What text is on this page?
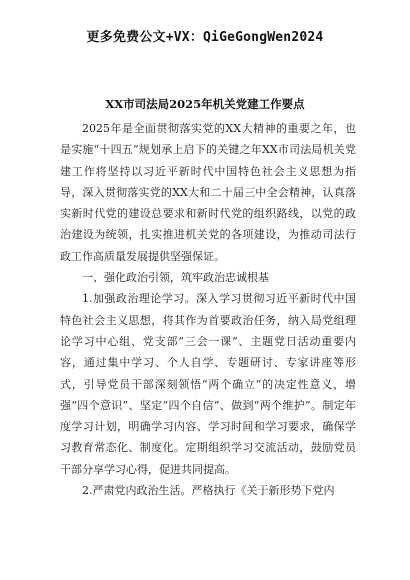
更多免费公文+VX：QiGeGongWen2024
XX市司法局2025年机关党建工作要点

2025年是全面贯彻落实党的XX大精神的重要之年，也是实施“十四五”规划承上启下的关键之年XX市司法局机关党建工作将坚持以习近平新时代中国特色社会主义思想为指导，深入贯彻落实党的XX大和二十届三中全会精神，认真落实新时代党的建设总要求和新时代党的组织路线，以党的政治建设为统领，扎实推进机关党的各项建设，为推动司法行政工作高质量发展提供坚强保证。

一、强化政治引领，筑牢政治忠诚根基

1.加强政治理论学习。深入学习贯彻习近平新时代中国特色社会主义思想，将其作为首要政治任务，纳入局党组理论学习中心组、党支部“三会一课”、主题党日活动重要内容，通过集中学习、个人自学、专题研讨、专家讲座等形式，引导党员干部深刻领悟“两个确立”的决定性意义，增强“四个意识”、坚定“四个自信”、做到“两个维护”。制定年度学习计划，明确学习内容、学习时间和学习要求，确保学习教育常态化、制度化。定期组织学习交流活动，鼓励党员干部分享学习心得，促进共同提高。

2.严肃党内政治生活。严格执行《关于新形势下党内
